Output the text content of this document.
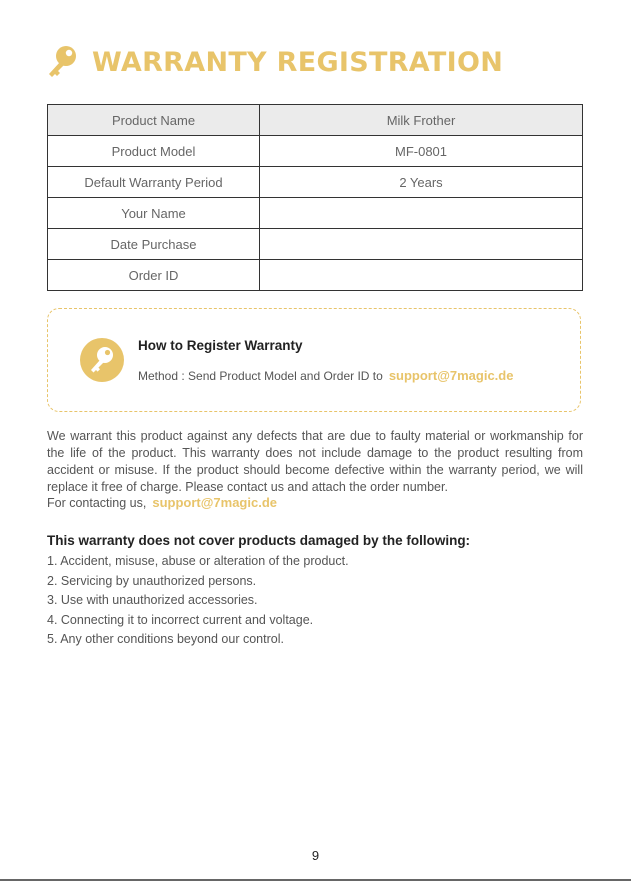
WARRANTY REGISTRATION
Product Name	Milk Frother
Product Model	MF-0801
Default Warranty Period	2 Years
Your Name	
Date Purchase	
Order ID	
How to Register Warranty
Method : Send Product Model and Order ID to support@7magic.de
We warrant this product against any defects that are due to faulty material or workmanship for the life of the product. This warranty does not include damage to the product resulting from accident or misuse. If the product should become defective within the warranty period, we will replace it free of charge. Please contact us and attach the order number.
For contacting us, support@7magic.de
This warranty does not cover products damaged by the following:
1. Accident, misuse, abuse or alteration of the product.
2. Servicing by unauthorized persons.
3. Use with unauthorized accessories.
4. Connecting it to incorrect current and voltage.
5. Any other conditions beyond our control.
9
